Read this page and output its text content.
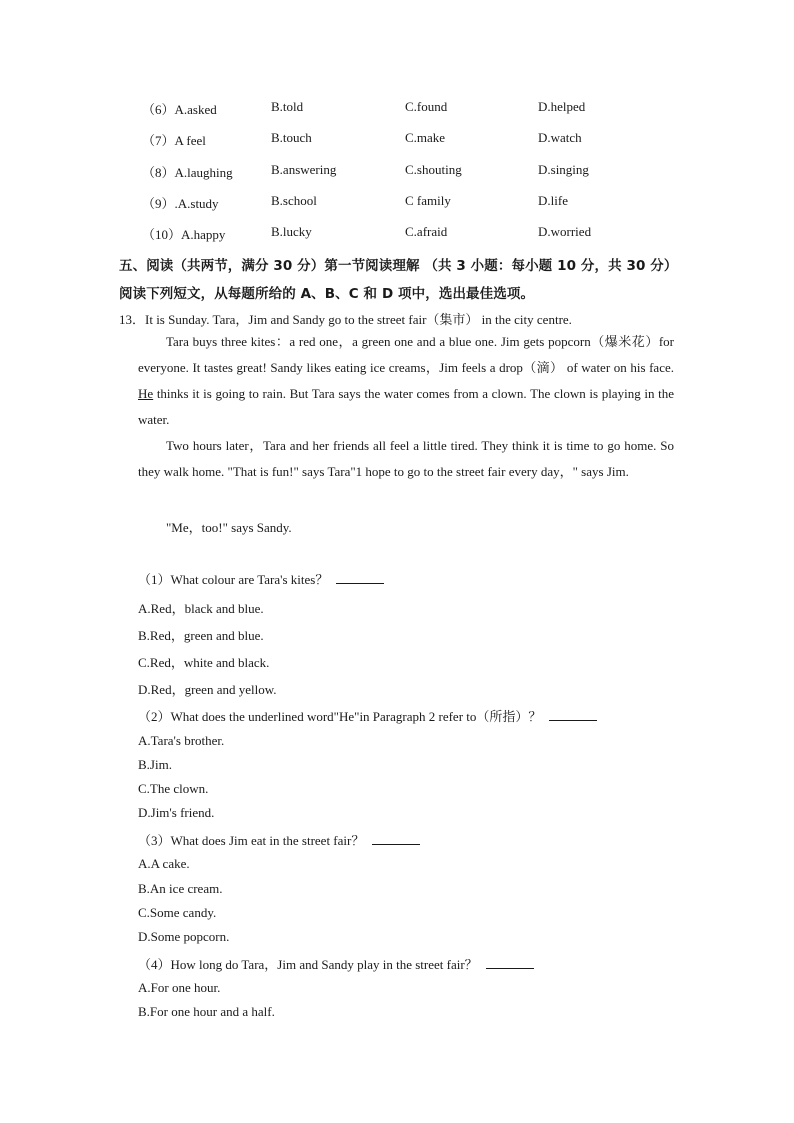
（6）A.asked	B.told	C.found	D.helped
（7）A feel	B.touch	C.make	D.watch
（8）A.laughing	B.answering	C.shouting	D.singing
（9）.A.study	B.school	C family	D.life
（10）A.happy	B.lucky	C.afraid	D.worried
五、阅读（共两节，满分 30 分）第一节阅读理解 （共 3 小题：每小题 10 分，共 30 分）
阅读下列短文，从每题所给的 A、B、C 和 D 项中，选出最佳选项。
13．It is Sunday. Tara，Jim and Sandy go to the street fair（集市） in the city centre.
Tara buys three kites：a red one，a green one and a blue one. Jim gets popcorn（爆米花）for everyone. It tastes great! Sandy likes eating ice creams，Jim feels a drop（滴） of water on his face. He thinks it is going to rain. But Tara says the water comes from a clown. The clown is playing in the water.
Two hours later，Tara and her friends all feel a little tired. They think it is time to go home. So they walk home. "That is fun!" says Tara"1 hope to go to the street fair every day，" says Jim.
"Me，too!" says Sandy.
（1）What colour are Tara's kites？
A.Red，black and blue.
B.Red，green and blue.
C.Red，white and black.
D.Red，green and yellow.
（2）What does the underlined word"He"in Paragraph 2 refer to（所指）？
A.Tara's brother.
B.Jim.
C.The clown.
D.Jim's friend.
（3）What does Jim eat in the street fair？
A.A cake.
B.An ice cream.
C.Some candy.
D.Some popcorn.
（4）How long do Tara，Jim and Sandy play in the street fair？
A.For one hour.
B.For one hour and a half.
